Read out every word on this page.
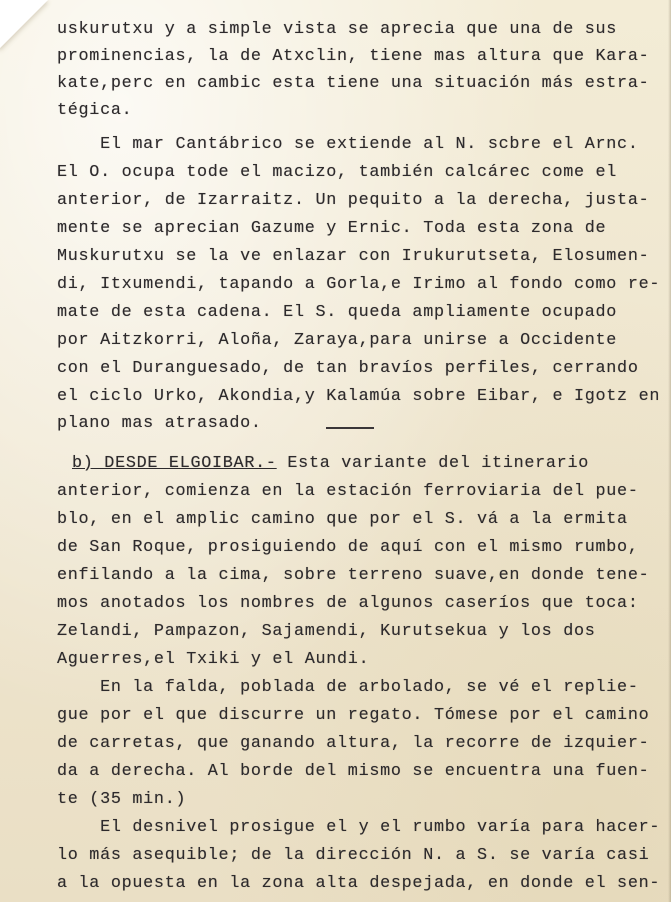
uskurutxu y a simple vista se aprecia que una de sus
prominencias, la de Atxclin, tiene mas altura que Kara-
kate,perc en cambic esta tiene una situación más estra-
tégica.
El mar Cantábrico se extiende al N. scbre el Arnc.
El O. ocupa tode el macizo, también calcárec come el
anterior, de Izarraitz. Un pequito a la derecha, justa-
mente se aprecian Gazume y Ernic. Toda esta zona de
Muskurutxu se la ve enlazar con Irukurutseta, Elosumen-
di, Itxumendi, tapando a Gorla,e Irimo al fondo como re-
mate de esta cadena. El S. queda ampliamente ocupado
por Aitzkorri, Aloña, Zaraya,para unirse a Occidente
con el Duranguesado, de tan bravíos perfiles, cerrando
el ciclo Urko, Akondia,y Kalamúa sobre Eibar, e Igotz en
plano mas atrasado.
b) DESDE ELGOIBAR.- Esta variante del itinerario
anterior, comienza en la estación ferroviaria del pue-
blo, en el amplic camino que por el S. vá a la ermita
de San Roque, prosiguiendo de aquí con el mismo rumbo,
enfilando a la cima, sobre terreno suave,en donde tene-
mos anotados los nombres de algunos caseríos que toca:
Zelandi, Pampazon, Sajamendi, Kurutsekua y los dos
Aguerres,el Txiki y el Aundi.
En la falda, poblada de arbolado, se vé el replie-
gue por el que discurre un regato. Tómese por el camino
de carretas, que ganando altura, la recorre de izquier-
da a derecha. Al borde del mismo se encuentra una fuen-
te (35 min.)
El desnivel prosigue el y el rumbo varía para hacer-
lo más asequible; de la dirección N. a S. se varía casi
a la opuesta en la zona alta despejada, en donde el sen-
